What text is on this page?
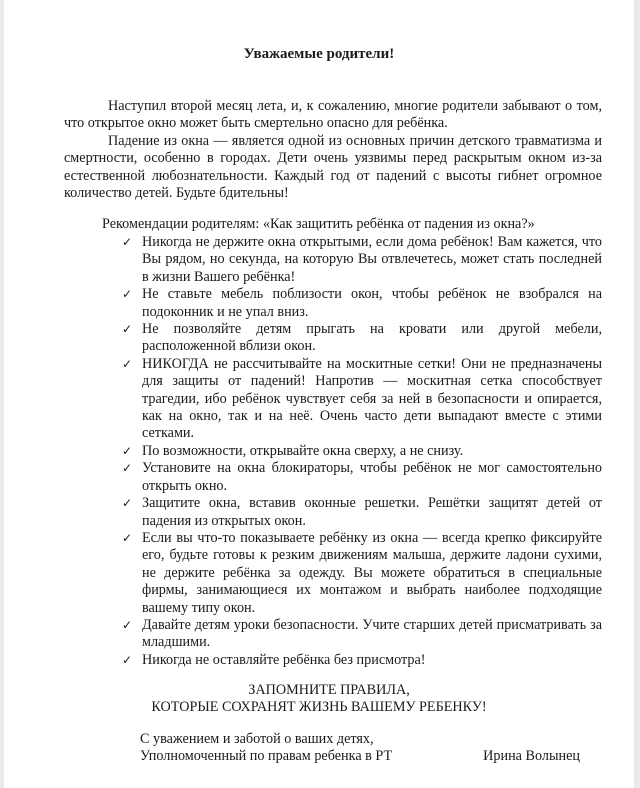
Уважаемые родители!

Наступил второй месяц лета, и, к сожалению, многие родители забывают о том, что открытое окно может быть смертельно опасно для ребёнка.

Падение из окна — является одной из основных причин детского травматизма и смертности, особенно в городах. Дети очень уязвимы перед раскрытым окном из-за естественной любознательности. Каждый год от падений с высоты гибнет огромное количество детей. Будьте бдительны!

Рекомендации родителям: «Как защитить ребёнка от падения из окна?»
✓ Никогда не держите окна открытыми, если дома ребёнок! Вам кажется, что Вы рядом, но секунда, на которую Вы отвлечетесь, может стать последней в жизни Вашего ребёнка!
✓ Не ставьте мебель поблизости окон, чтобы ребёнок не взобрался на подоконник и не упал вниз.
✓ Не позволяйте детям прыгать на кровати или другой мебели, расположенной вблизи окон.
✓ НИКОГДА не рассчитывайте на москитные сетки! Они не предназначены для защиты от падений! Напротив — москитная сетка способствует трагедии, ибо ребёнок чувствует себя за ней в безопасности и опирается, как на окно, так и на неё. Очень часто дети выпадают вместе с этими сетками.
✓ По возможности, открывайте окна сверху, а не снизу.
✓ Установите на окна блокираторы, чтобы ребёнок не мог самостоятельно открыть окно.
✓ Защитите окна, вставив оконные решетки. Решётки защитят детей от падения из открытых окон.
✓ Если вы что-то показываете ребёнку из окна — всегда крепко фиксируйте его, будьте готовы к резким движениям малыша, держите ладони сухими, не держите ребёнка за одежду. Вы можете обратиться в специальные фирмы, занимающиеся их монтажом и выбрать наиболее подходящие вашему типу окон.
✓ Давайте детям уроки безопасности. Учите старших детей присматривать за младшими.
✓ Никогда не оставляйте ребёнка без присмотра!
ЗАПОМНИТЕ ПРАВИЛА,
КОТОРЫЕ СОХРАНЯТ ЖИЗНЬ ВАШЕМУ РЕБЕНКУ!
С уважением и заботой о ваших детях,
Уполномоченный по правам ребенка в РТ	Ирина Волынец
